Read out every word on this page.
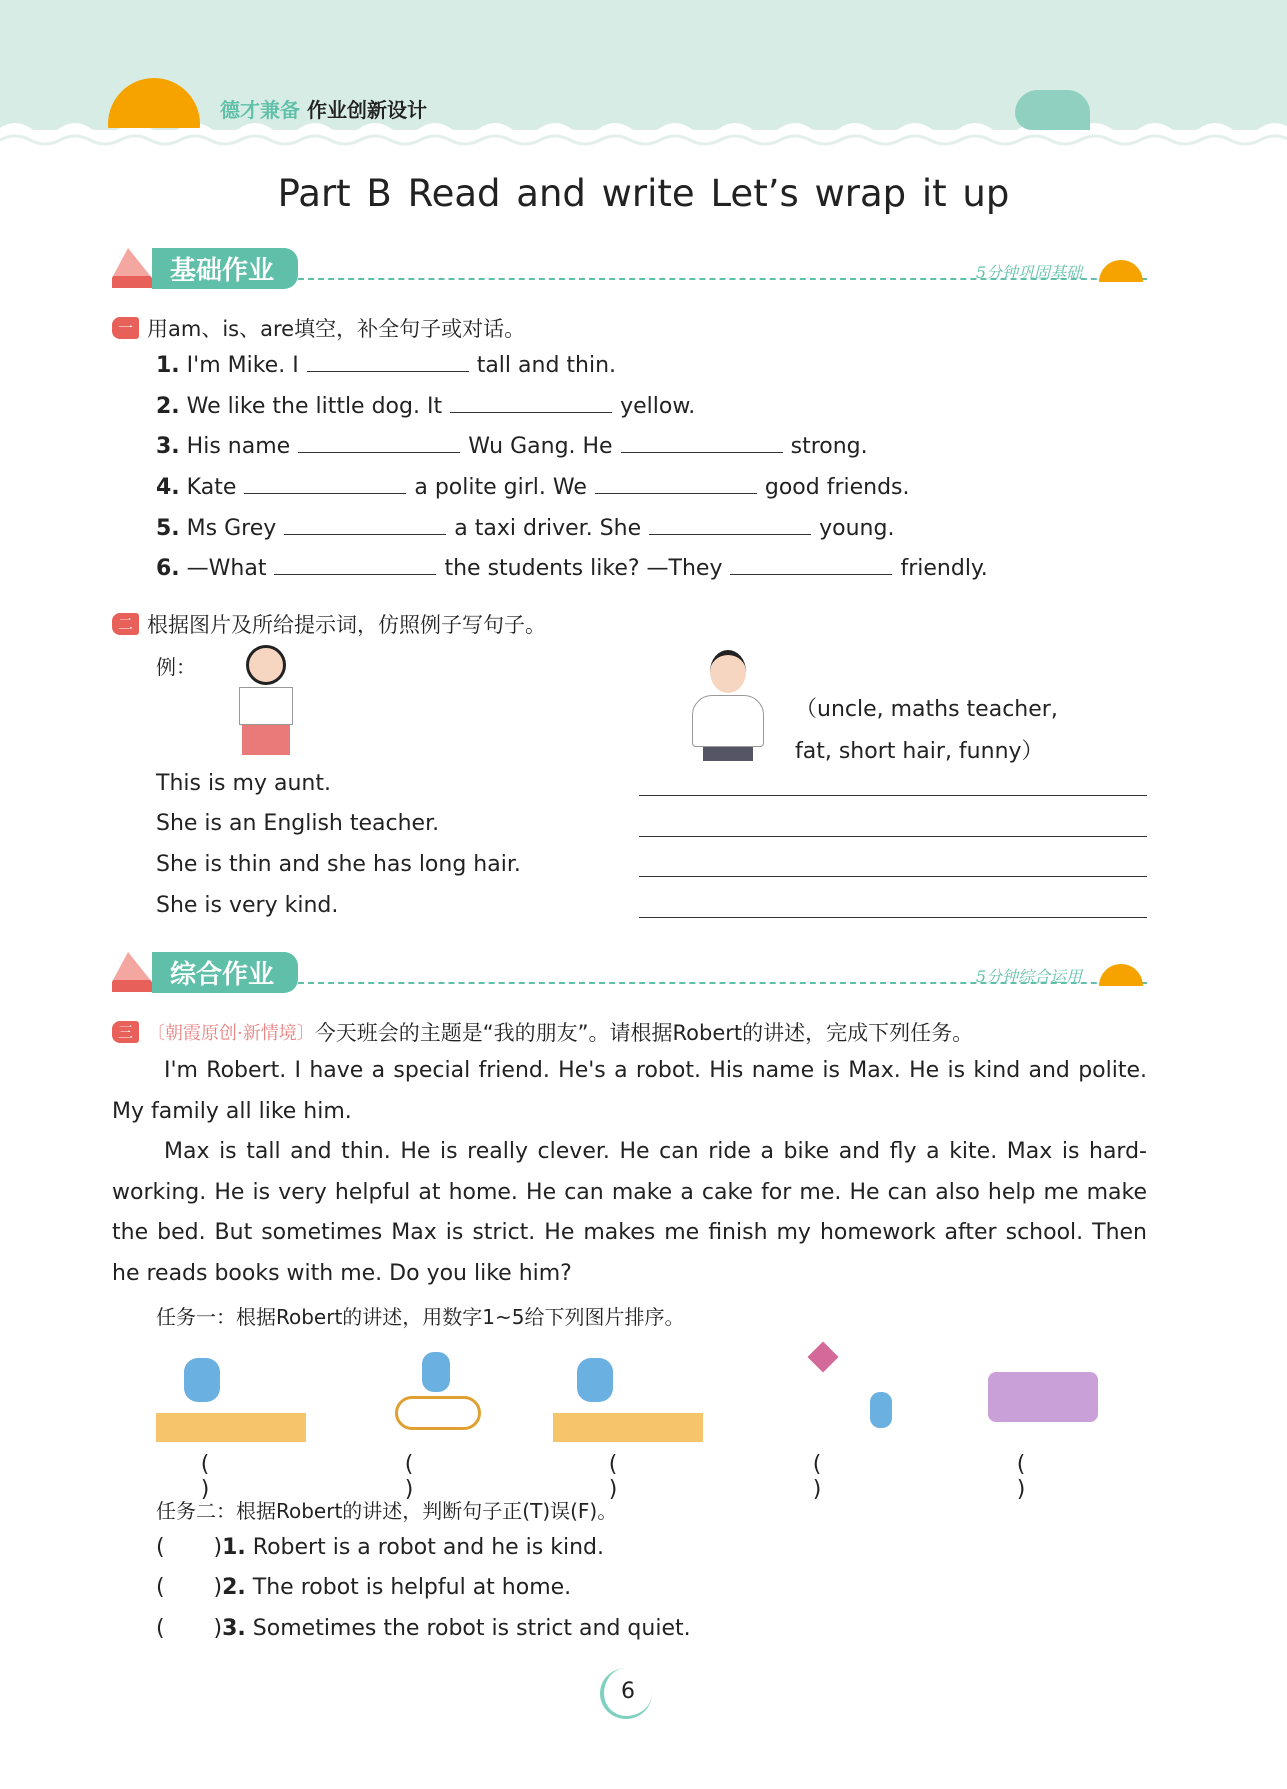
德才兼备 作业创新设计
Part B Read and write Let’s wrap it up
基础作业	5分钟巩固基础
一 用am、is、are填空，补全句子或对话。
1. I'm Mike. I	tall and thin.
2. We like the little dog. It	yellow.
3. His name	Wu Gang. He	strong.
4. Kate	a polite girl. We	good friends.
5. Ms Grey	a taxi driver. She	young.
6. —What	the students like? —They	friendly.
二 根据图片及所给提示词，仿照例子写句子。
例：
（uncle, maths teacher,
fat, short hair, funny）
This is my aunt.
She is an English teacher.
She is thin and she has long hair.
She is very kind.
综合作业	5分钟综合运用
三 〔朝霞原创·新情境〕 今天班会的主题是“我的朋友”。请根据Robert的讲述，完成下列任务。
I'm Robert. I have a special friend. He's a robot. His name is Max. He is kind and polite. My family all like him.
Max is tall and thin. He is really clever. He can ride a bike and fly a kite. Max is hard-working. He is very helpful at home. He can make a cake for me. He can also help me make the bed. But sometimes Max is strict. He makes me finish my homework after school. Then he reads books with me. Do you like him?
任务一：根据Robert的讲述，用数字1~5给下列图片排序。
( )
( )
( )
( )
( )
任务二：根据Robert的讲述，判断句子正(T)误(F)。
(       )1. Robert is a robot and he is kind.
(       )2. The robot is helpful at home.
(       )3. Sometimes the robot is strict and quiet.
6
